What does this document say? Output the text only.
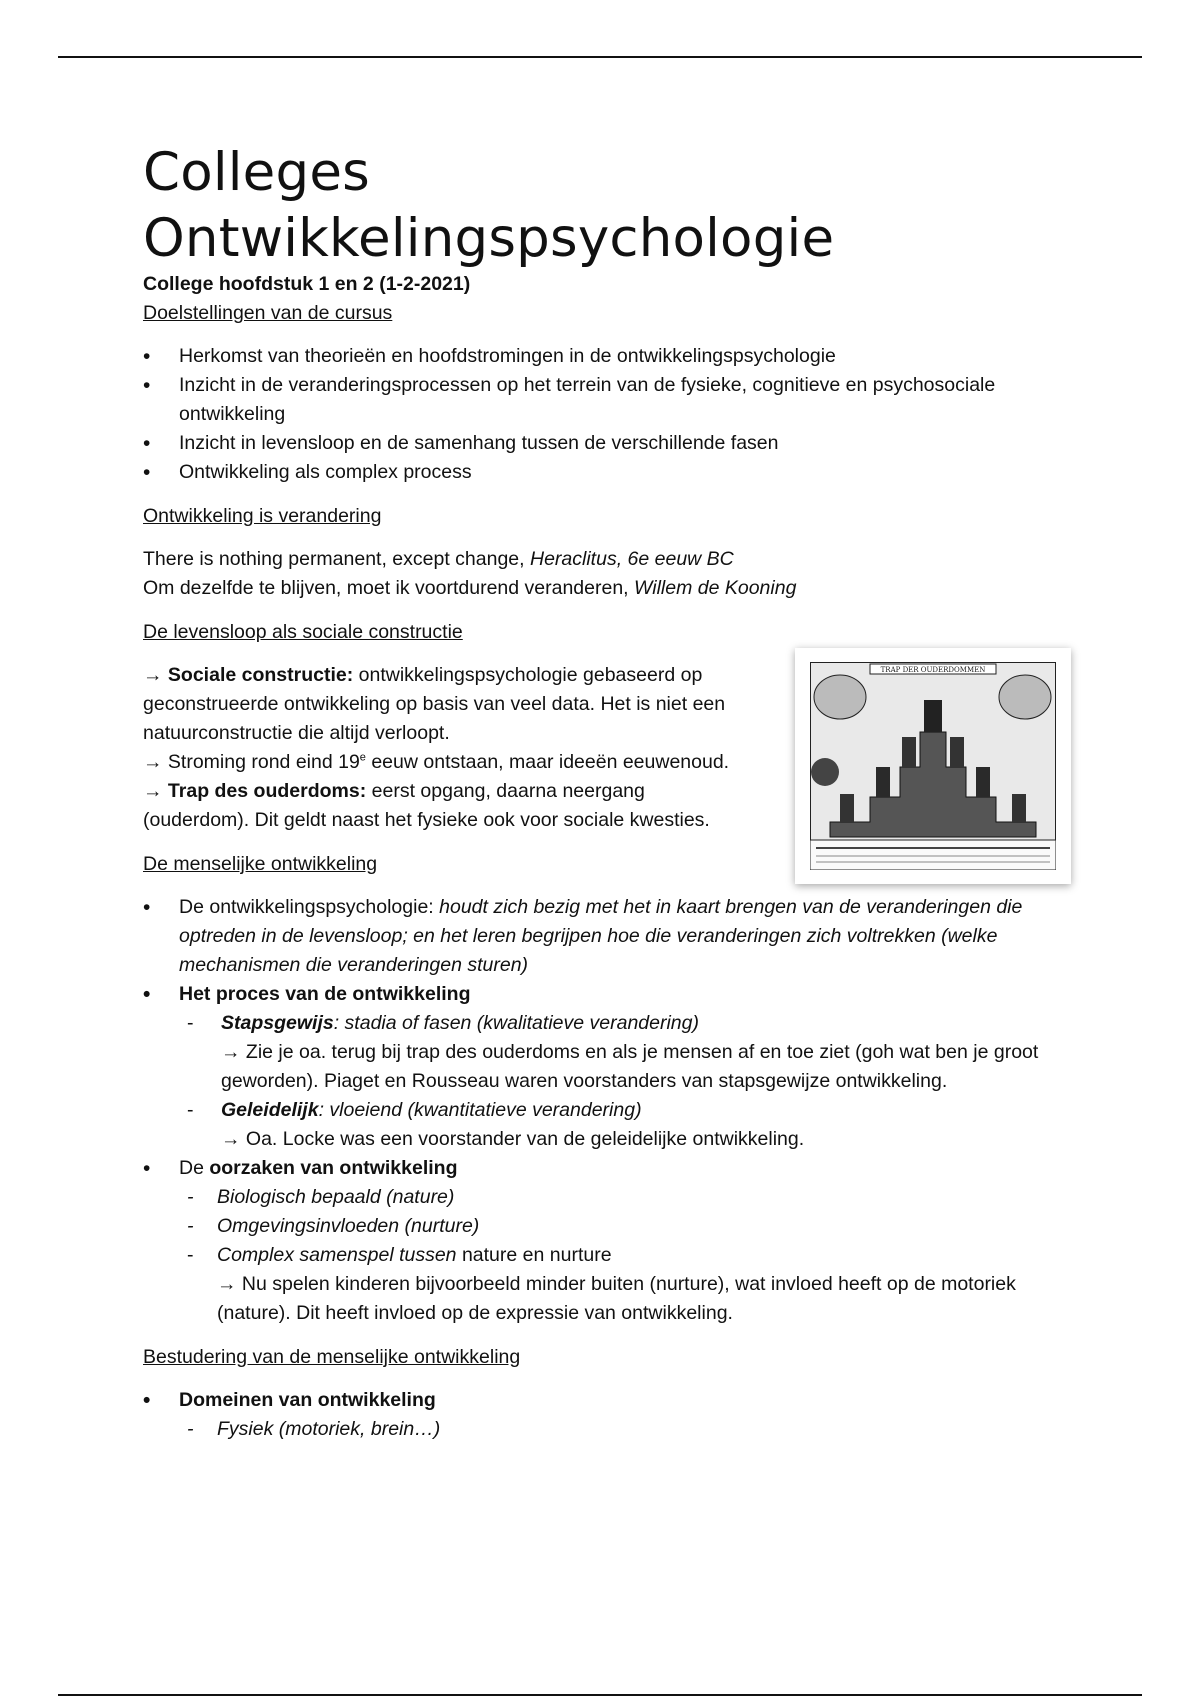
Colleges
Ontwikkelingspsychologie
College hoofdstuk 1 en 2 (1-2-2021)
Doelstellingen van de cursus
• Herkomst van theorieën en hoofdstromingen in de ontwikkelingspsychologie
• Inzicht in de veranderingsprocessen op het terrein van de fysieke, cognitieve en psychosociale ontwikkeling
• Inzicht in levensloop en de samenhang tussen de verschillende fasen
• Ontwikkeling als complex process
Ontwikkeling is verandering

There is nothing permanent, except change, Heraclitus, 6e eeuw BC

Om dezelfde te blijven, moet ik voortdurend veranderen, Willem de Kooning

De levensloop als sociale constructie

→ Sociale constructie: ontwikkelingspsychologie gebaseerd op geconstrueerde ontwikkeling op basis van veel data. Het is niet een natuurconstructie die altijd verloopt.

→ Stroming rond eind 19e eeuw ontstaan, maar ideeën eeuwenoud.

→ Trap des ouderdoms: eerst opgang, daarna neergang (ouderdom). Dit geldt naast het fysieke ook voor sociale kwesties.

De menselijke ontwikkeling
• De ontwikkelingspsychologie: houdt zich bezig met het in kaart brengen van de veranderingen die optreden in de levensloop; en het leren begrijpen hoe die veranderingen zich voltrekken (welke mechanismen die veranderingen sturen)
• Het proces van de ontwikkeling
- Stapsgewijs: stadia of fasen (kwalitatieve verandering)
→ Zie je oa. terug bij trap des ouderdoms en als je mensen af en toe ziet (goh wat ben je groot geworden). Piaget en Rousseau waren voorstanders van stapsgewijze ontwikkeling.
- Geleidelijk: vloeiend (kwantitatieve verandering)
→ Oa. Locke was een voorstander van de geleidelijke ontwikkeling.
• De oorzaken van ontwikkeling
- Biologisch bepaald (nature)
- Omgevingsinvloeden (nurture)
- Complex samenspel tussen nature en nurture
→ Nu spelen kinderen bijvoorbeeld minder buiten (nurture), wat invloed heeft op de motoriek (nature). Dit heeft invloed op de expressie van ontwikkeling.
Bestudering van de menselijke ontwikkeling
• Domeinen van ontwikkeling
- Fysiek (motoriek, brein…)
TRAP DER OUDERDOMMEN
